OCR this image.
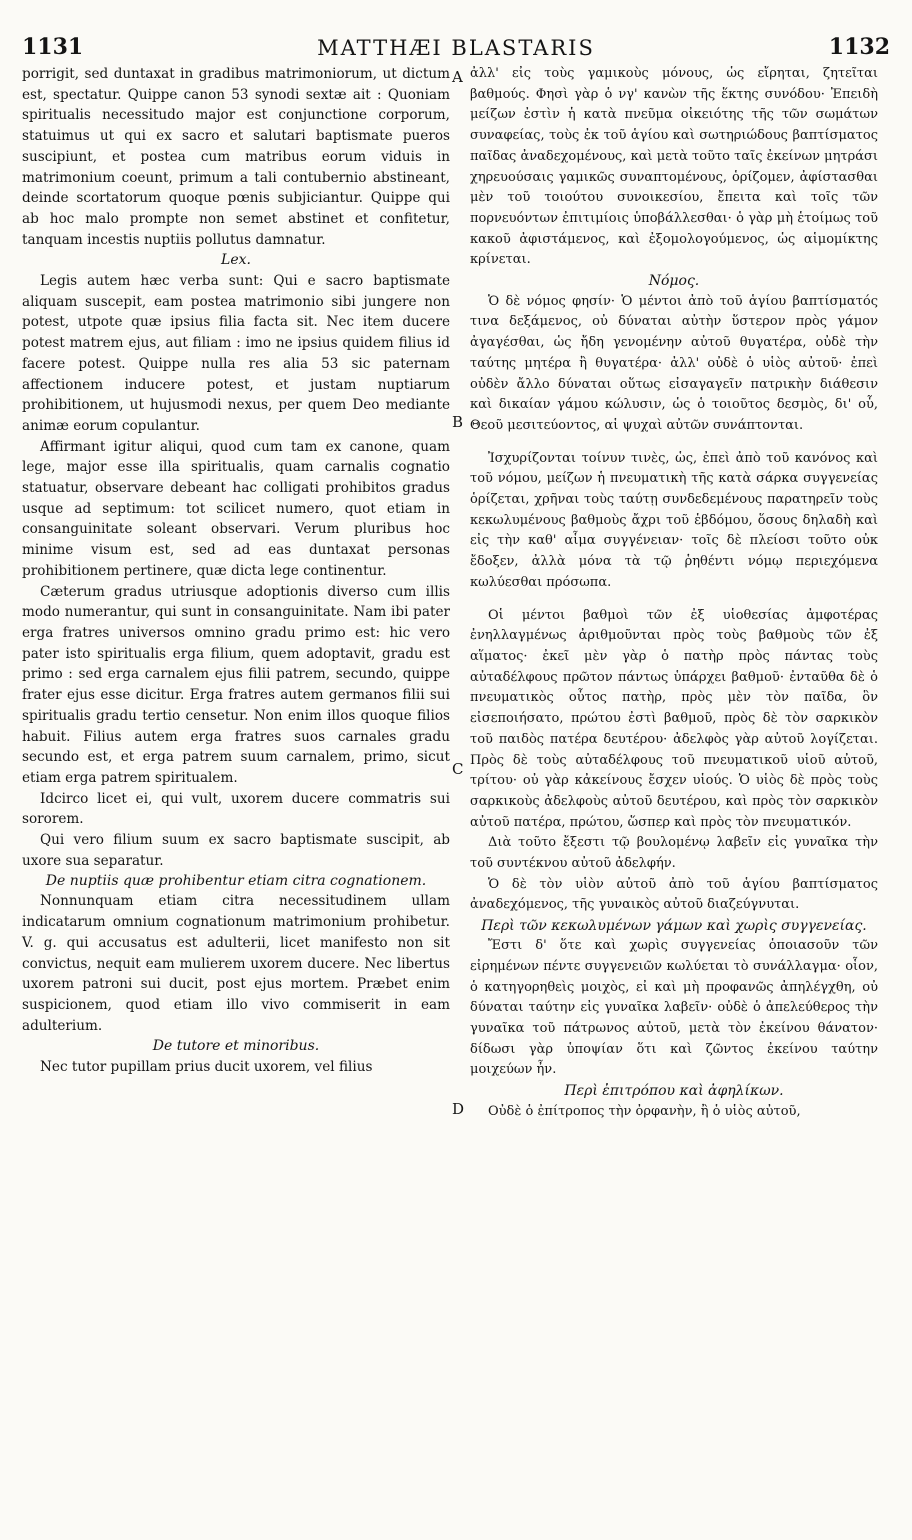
1131	MATTHÆI BLASTARIS	1132

porrigit, sed duntaxat in gradibus matrimoniorum, ut dictum est, spectatur. Quippe canon 53 synodi sextæ ait : Quoniam spiritualis necessitudo major est conjunctione corporum, statuimus ut qui ex sacro et salutari baptismate pueros suscipiunt, et postea cum matribus eorum viduis in matrimonium coeunt, primum a tali contubernio abstineant, deinde scortatorum quoque pœnis subjiciantur. Quippe qui ab hoc malo prompte non semet abstinet et confitetur, tanquam incestis nuptiis pollutus damnatur.

Lex.

Legis autem hæc verba sunt: Qui e sacro baptismate aliquam suscepit, eam postea matrimonio sibi jungere non potest, utpote quæ ipsius filia facta sit. Nec item ducere potest matrem ejus, aut filiam : imo ne ipsius quidem filius id facere potest. Quippe nulla res alia 53 sic paternam affectionem inducere potest, et justam nuptiarum prohibitionem, ut hujusmodi nexus, per quem Deo mediante animæ eorum copulantur.

Affirmant igitur aliqui, quod cum tam ex canone, quam lege, major esse illa spiritualis, quam carnalis cognatio statuatur, observare debeant hac colligati prohibitos gradus usque ad septimum: tot scilicet numero, quot etiam in consanguinitate soleant observari. Verum pluribus hoc minime visum est, sed ad eas duntaxat personas prohibitionem pertinere, quæ dicta lege continentur.

Cæterum gradus utriusque adoptionis diverso cum illis modo numerantur, qui sunt in consanguinitate. Nam ibi pater erga fratres universos omnino gradu primo est: hic vero pater isto spiritualis erga filium, quem adoptavit, gradu est primo : sed erga carnalem ejus filii patrem, secundo, quippe frater ejus esse dicitur. Erga fratres autem germanos filii sui spiritualis gradu tertio censetur. Non enim illos quoque filios habuit. Filius autem erga fratres suos carnales gradu secundo est, et erga patrem suum carnalem, primo, sicut etiam erga patrem spiritualem.

Idcirco licet ei, qui vult, uxorem ducere commatris sui sororem.

Qui vero filium suum ex sacro baptismate suscipit, ab uxore sua separatur.

De nuptiis quæ prohibentur etiam citra cognationem.

Nonnunquam etiam citra necessitudinem ullam indicatarum omnium cognationum matrimonium prohibetur. V. g. qui accusatus est adulterii, licet manifesto non sit convictus, nequit eam mulierem uxorem ducere. Nec libertus uxorem patroni sui ducit, post ejus mortem. Præbet enim suspicionem, quod etiam illo vivo commiserit in eam adulterium.

De tutore et minoribus.

Nec tutor pupillam prius ducit uxorem, vel filius

A
B
C
D

ἀλλ' εἰς τοὺς γαμικοὺς μόνους, ὡς εἴρηται, ζητεῖται βαθμούς. Φησὶ γὰρ ὁ νγ' κανὼν τῆς ἕκτης συνόδου· Ἐπειδὴ μείζων ἐστὶν ἡ κατὰ πνεῦμα οἰκειότης τῆς τῶν σωμάτων συναφείας, τοὺς ἐκ τοῦ ἁγίου καὶ σωτηριώδους βαπτίσματος παῖδας ἀναδεχομένους, καὶ μετὰ τοῦτο ταῖς ἐκείνων μητράσι χηρευούσαις γαμικῶς συναπτομένους, ὁρίζομεν, ἀφίστασθαι μὲν τοῦ τοιούτου συνοικεσίου, ἔπειτα καὶ τοῖς τῶν πορνευόντων ἐπιτιμίοις ὑποβάλλεσθαι· ὁ γὰρ μὴ ἑτοίμως τοῦ κακοῦ ἀφιστάμενος, καὶ ἐξομολογούμενος, ὡς αἱμομίκτης κρίνεται.

Νόμος.

Ὁ δὲ νόμος φησίν· Ὁ μέντοι ἀπὸ τοῦ ἁγίου βαπτίσματός τινα δεξάμενος, οὐ δύναται αὐτὴν ὕστερον πρὸς γάμον ἀγαγέσθαι, ὡς ἤδη γενομένην αὐτοῦ θυγατέρα, οὐδὲ τὴν ταύτης μητέρα ἢ θυγατέρα· ἀλλ' οὐδὲ ὁ υἱὸς αὐτοῦ· ἐπεὶ οὐδὲν ἄλλο δύναται οὕτως εἰσαγαγεῖν πατρικὴν διάθεσιν καὶ δικαίαν γάμου κώλυσιν, ὡς ὁ τοιοῦτος δεσμὸς, δι' οὗ, Θεοῦ μεσιτεύοντος, αἱ ψυχαὶ αὐτῶν συνάπτονται.

Ἰσχυρίζονται τοίνυν τινὲς, ὡς, ἐπεὶ ἀπὸ τοῦ κανόνος καὶ τοῦ νόμου, μείζων ἡ πνευματικὴ τῆς κατὰ σάρκα συγγενείας ὁρίζεται, χρῆναι τοὺς ταύτῃ συνδεδεμένους παρατηρεῖν τοὺς κεκωλυμένους βαθμοὺς ἄχρι τοῦ ἑβδόμου, ὅσους δηλαδὴ καὶ εἰς τὴν καθ' αἷμα συγγένειαν· τοῖς δὲ πλείοσι τοῦτο οὐκ ἔδοξεν, ἀλλὰ μόνα τὰ τῷ ῥηθέντι νόμῳ περιεχόμενα κωλύεσθαι πρόσωπα.

Οἱ μέντοι βαθμοὶ τῶν ἐξ υἱοθεσίας ἀμφοτέρας ἐνηλλαγμένως ἀριθμοῦνται πρὸς τοὺς βαθμοὺς τῶν ἐξ αἵματος· ἐκεῖ μὲν γὰρ ὁ πατὴρ πρὸς πάντας τοὺς αὐταδέλφους πρῶτον πάντως ὑπάρχει βαθμοῦ· ἐνταῦθα δὲ ὁ πνευματικὸς οὗτος πατὴρ, πρὸς μὲν τὸν παῖδα, ὃν εἰσεποιήσατο, πρώτου ἐστὶ βαθμοῦ, πρὸς δὲ τὸν σαρκικὸν τοῦ παιδὸς πατέρα δευτέρου· ἀδελφὸς γὰρ αὐτοῦ λογίζεται. Πρὸς δὲ τοὺς αὐταδέλφους τοῦ πνευματικοῦ υἱοῦ αὐτοῦ, τρίτου· οὐ γὰρ κἀκείνους ἔσχεν υἱούς. Ὁ υἱὸς δὲ πρὸς τοὺς σαρκικοὺς ἀδελφοὺς αὐτοῦ δευτέρου, καὶ πρὸς τὸν σαρκικὸν αὐτοῦ πατέρα, πρώτου, ὥσπερ καὶ πρὸς τὸν πνευματικόν.

Διὰ τοῦτο ἔξεστι τῷ βουλομένῳ λαβεῖν εἰς γυναῖκα τὴν τοῦ συντέκνου αὐτοῦ ἀδελφήν.

Ὁ δὲ τὸν υἱὸν αὐτοῦ ἀπὸ τοῦ ἁγίου βαπτίσματος ἀναδεχόμενος, τῆς γυναικὸς αὐτοῦ διαζεύγνυται.

Περὶ τῶν κεκωλυμένων γάμων καὶ χωρὶς συγγενείας.

Ἔστι δ' ὅτε καὶ χωρὶς συγγενείας ὁποιασοῦν τῶν εἰρημένων πέντε συγγενειῶν κωλύεται τὸ συνάλλαγμα· οἷον, ὁ κατηγορηθεὶς μοιχὸς, εἰ καὶ μὴ προφανῶς ἀπηλέγχθη, οὐ δύναται ταύτην εἰς γυναῖκα λαβεῖν· οὐδὲ ὁ ἀπελεύθερος τὴν γυναῖκα τοῦ πάτρωνος αὐτοῦ, μετὰ τὸν ἐκείνου θάνατον· δίδωσι γὰρ ὑποψίαν ὅτι καὶ ζῶντος ἐκείνου ταύτην μοιχεύων ἦν.

Περὶ ἐπιτρόπου καὶ ἀφηλίκων.

Οὐδὲ ὁ ἐπίτροπος τὴν ὀρφανὴν, ἢ ὁ υἱὸς αὐτοῦ,
